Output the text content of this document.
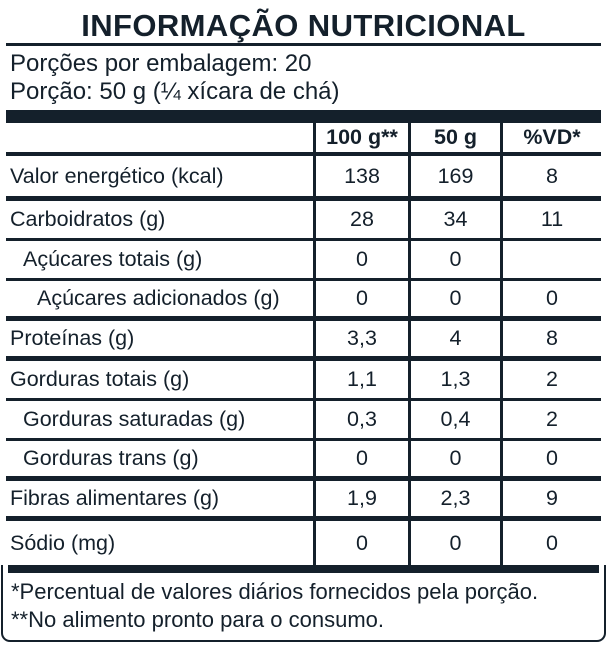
INFORMAÇÃO NUTRICIONAL
Porções por embalagem: 20
Porção: 50 g (¼ xícara de chá)
100 g**	50 g	%VD*
Valor energético (kcal)	138	169	8
Carboidratos (g)	28	34	11
Açúcares totais (g)	0	0
Açúcares adicionados (g)	0	0	0
Proteínas (g)	3,3	4	8
Gorduras totais (g)	1,1	1,3	2
Gorduras saturadas (g)	0,3	0,4	2
Gorduras trans (g)	0	0	0
Fibras alimentares (g)	1,9	2,3	9
Sódio (mg)	0	0	0
*Percentual de valores diários fornecidos pela porção.
**No alimento pronto para o consumo.
